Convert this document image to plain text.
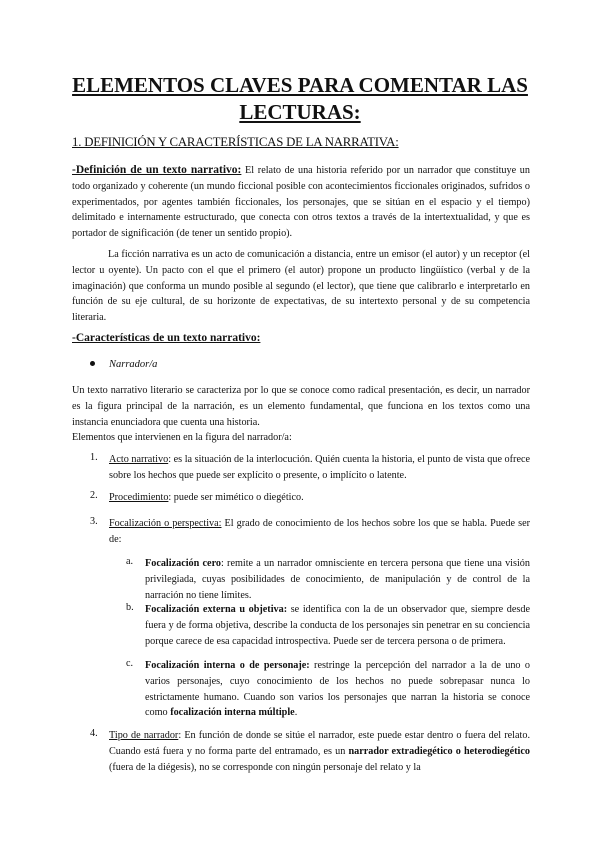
ELEMENTOS CLAVES PARA COMENTAR LAS LECTURAS:
1. DEFINICIÓN Y CARACTERÍSTICAS DE LA NARRATIVA:
-Definición de un texto narrativo: El relato de una historia referido por un narrador que constituye un todo organizado y coherente (un mundo ficcional posible con acontecimientos ficcionales originados, sufridos o experimentados, por agentes también ficcionales, los personajes, que se sitúan en el espacio y el tiempo) delimitado e internamente estructurado, que conecta con otros textos a través de la intertextualidad, y que es portador de significación (de tener un sentido propio).
La ficción narrativa es un acto de comunicación a distancia, entre un emisor (el autor) y un receptor (el lector u oyente). Un pacto con el que el primero (el autor) propone un producto lingüístico (verbal y de la imaginación) que conforma un mundo posible al segundo (el lector), que tiene que calibrarlo e interpretarlo en función de su eje cultural, de su horizonte de expectativas, de su intertexto personal y de su competencia literaria.
-Características de un texto narrativo:
Narrador/a
Un texto narrativo literario se caracteriza por lo que se conoce como radical presentación, es decir, un narrador es la figura principal de la narración, es un elemento fundamental, que funciona en los textos como una instancia enunciadora que cuenta una historia.
Elementos que intervienen en la figura del narrador/a:
1. Acto narrativo: es la situación de la interlocución. Quién cuenta la historia, el punto de vista que ofrece sobre los hechos que puede ser explícito o presente, o implícito o latente.
2. Procedimiento: puede ser mimético o diegético.
3. Focalización o perspectiva: El grado de conocimiento de los hechos sobre los que se habla. Puede ser de:
a. Focalización cero: remite a un narrador omnisciente en tercera persona que tiene una visión privilegiada, cuyas posibilidades de conocimiento, de manipulación y de control de la narración no tiene límites.
b. Focalización externa u objetiva: se identifica con la de un observador que, siempre desde fuera y de forma objetiva, describe la conducta de los personajes sin penetrar en su conciencia porque carece de esa capacidad introspectiva. Puede ser de tercera persona o de primera.
c. Focalización interna o de personaje: restringe la percepción del narrador a la de uno o varios personajes, cuyo conocimiento de los hechos no puede sobrepasar nunca lo estrictamente humano. Cuando son varios los personajes que narran la historia se conoce como focalización interna múltiple.
4. Tipo de narrador: En función de donde se sitúe el narrador, este puede estar dentro o fuera del relato. Cuando está fuera y no forma parte del entramado, es un narrador extradiegético o heterodiegético (fuera de la diégesis), no se corresponde con ningún personaje del relato y la
